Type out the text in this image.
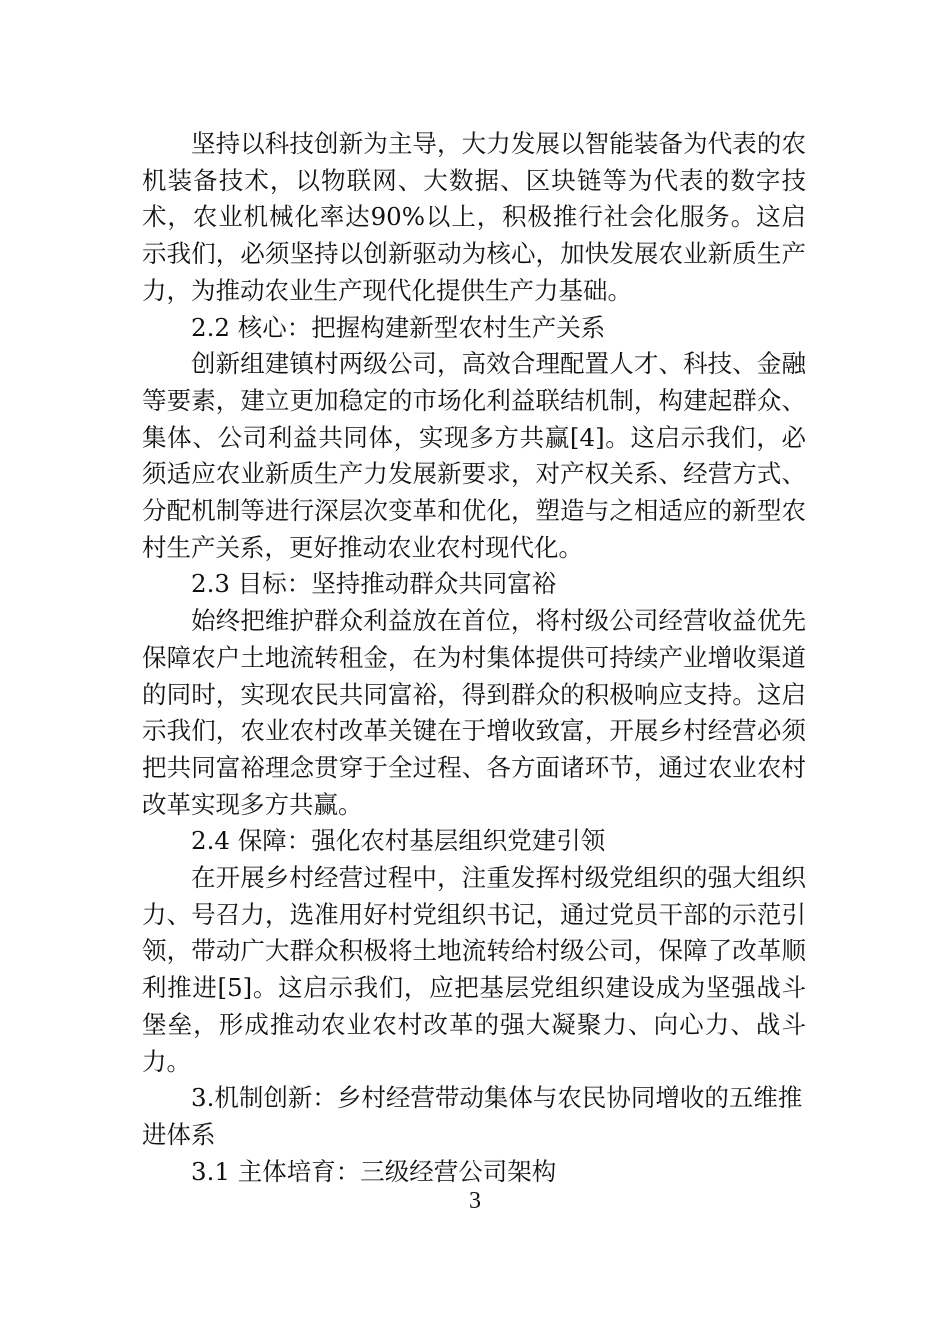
坚持以科技创新为主导，大力发展以智能装备为代表的农机装备技术，以物联网、大数据、区块链等为代表的数字技术，农业机械化率达90%以上，积极推行社会化服务。这启示我们，必须坚持以创新驱动为核心，加快发展农业新质生产力，为推动农业生产现代化提供生产力基础。

2.2 核心：把握构建新型农村生产关系

创新组建镇村两级公司，高效合理配置人才、科技、金融等要素，建立更加稳定的市场化利益联结机制，构建起群众、集体、公司利益共同体，实现多方共赢[4]。这启示我们，必须适应农业新质生产力发展新要求，对产权关系、经营方式、分配机制等进行深层次变革和优化，塑造与之相适应的新型农村生产关系，更好推动农业农村现代化。

2.3 目标：坚持推动群众共同富裕

始终把维护群众利益放在首位，将村级公司经营收益优先保障农户土地流转租金，在为村集体提供可持续产业增收渠道的同时，实现农民共同富裕，得到群众的积极响应支持。这启示我们，农业农村改革关键在于增收致富，开展乡村经营必须把共同富裕理念贯穿于全过程、各方面诸环节，通过农业农村改革实现多方共赢。

2.4 保障：强化农村基层组织党建引领

在开展乡村经营过程中，注重发挥村级党组织的强大组织力、号召力，选准用好村党组织书记，通过党员干部的示范引领，带动广大群众积极将土地流转给村级公司，保障了改革顺利推进[5]。这启示我们，应把基层党组织建设成为坚强战斗堡垒，形成推动农业农村改革的强大凝聚力、向心力、战斗力。

3.机制创新：乡村经营带动集体与农民协同增收的五维推进体系

3.1 主体培育：三级经营公司架构

3
